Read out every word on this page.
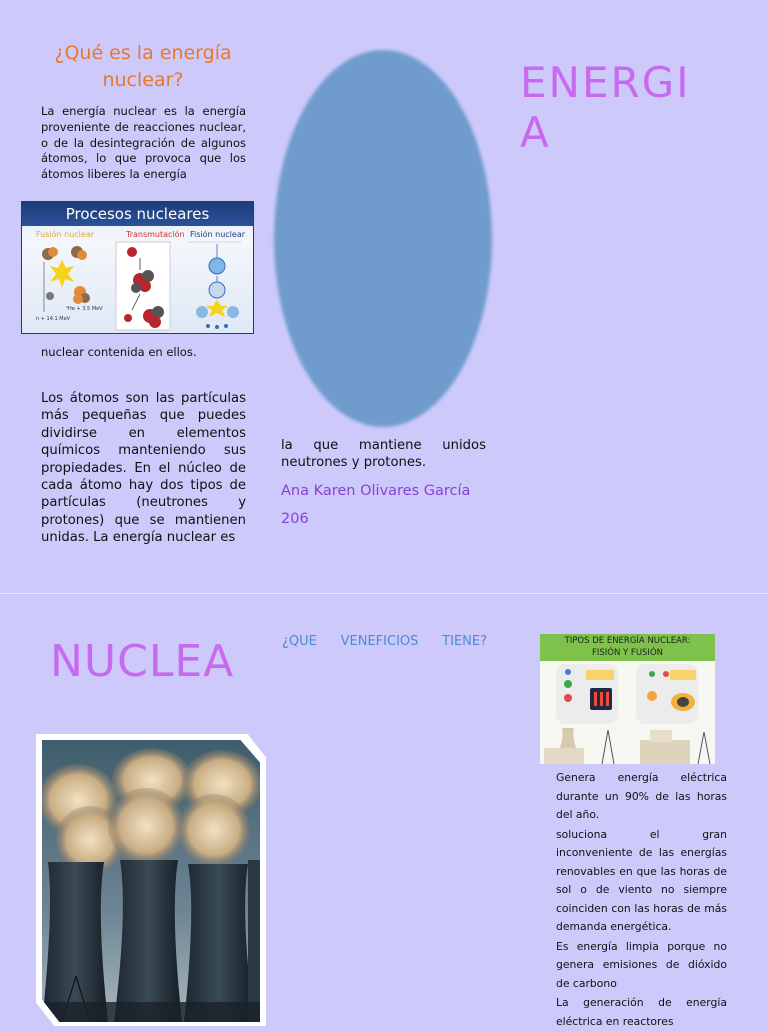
¿Qué es la energía nuclear?
La energía nuclear es la energía proveniente de reacciones nuclear, o de la desintegración de algunos átomos, lo que provoca que los átomos liberes la energía
Procesos nucleares
Fusión nuclear	Transmutación Fisión nuclear
n + 14.1 MeV
⁴He + 3.5 MeV
nuclear contenida en ellos.
Los átomos son las partículas más pequeñas que puedes dividirse en elementos químicos manteniendo sus propiedades. En el núcleo de cada átomo hay dos tipos de partículas (neutrones y protones) que se mantienen unidas. La energía nuclear es
la que mantiene unidos neutrones y protones.
Ana Karen Olivares García
206
ENERGIA
NUCLEA	¿QUE VENEFICIOS TIENE?	TIPOS DE ENERGÍA NUCLEAR:
FISIÓN Y FUSIÓN
Genera energía eléctrica durante un 90% de las horas del año.
soluciona el gran inconveniente de las energías renovables en que las horas de sol o de viento no siempre coinciden con las horas de más demanda energética.
Es energía limpia porque no genera emisiones de dióxido de carbono
La generación de energía eléctrica en reactores
